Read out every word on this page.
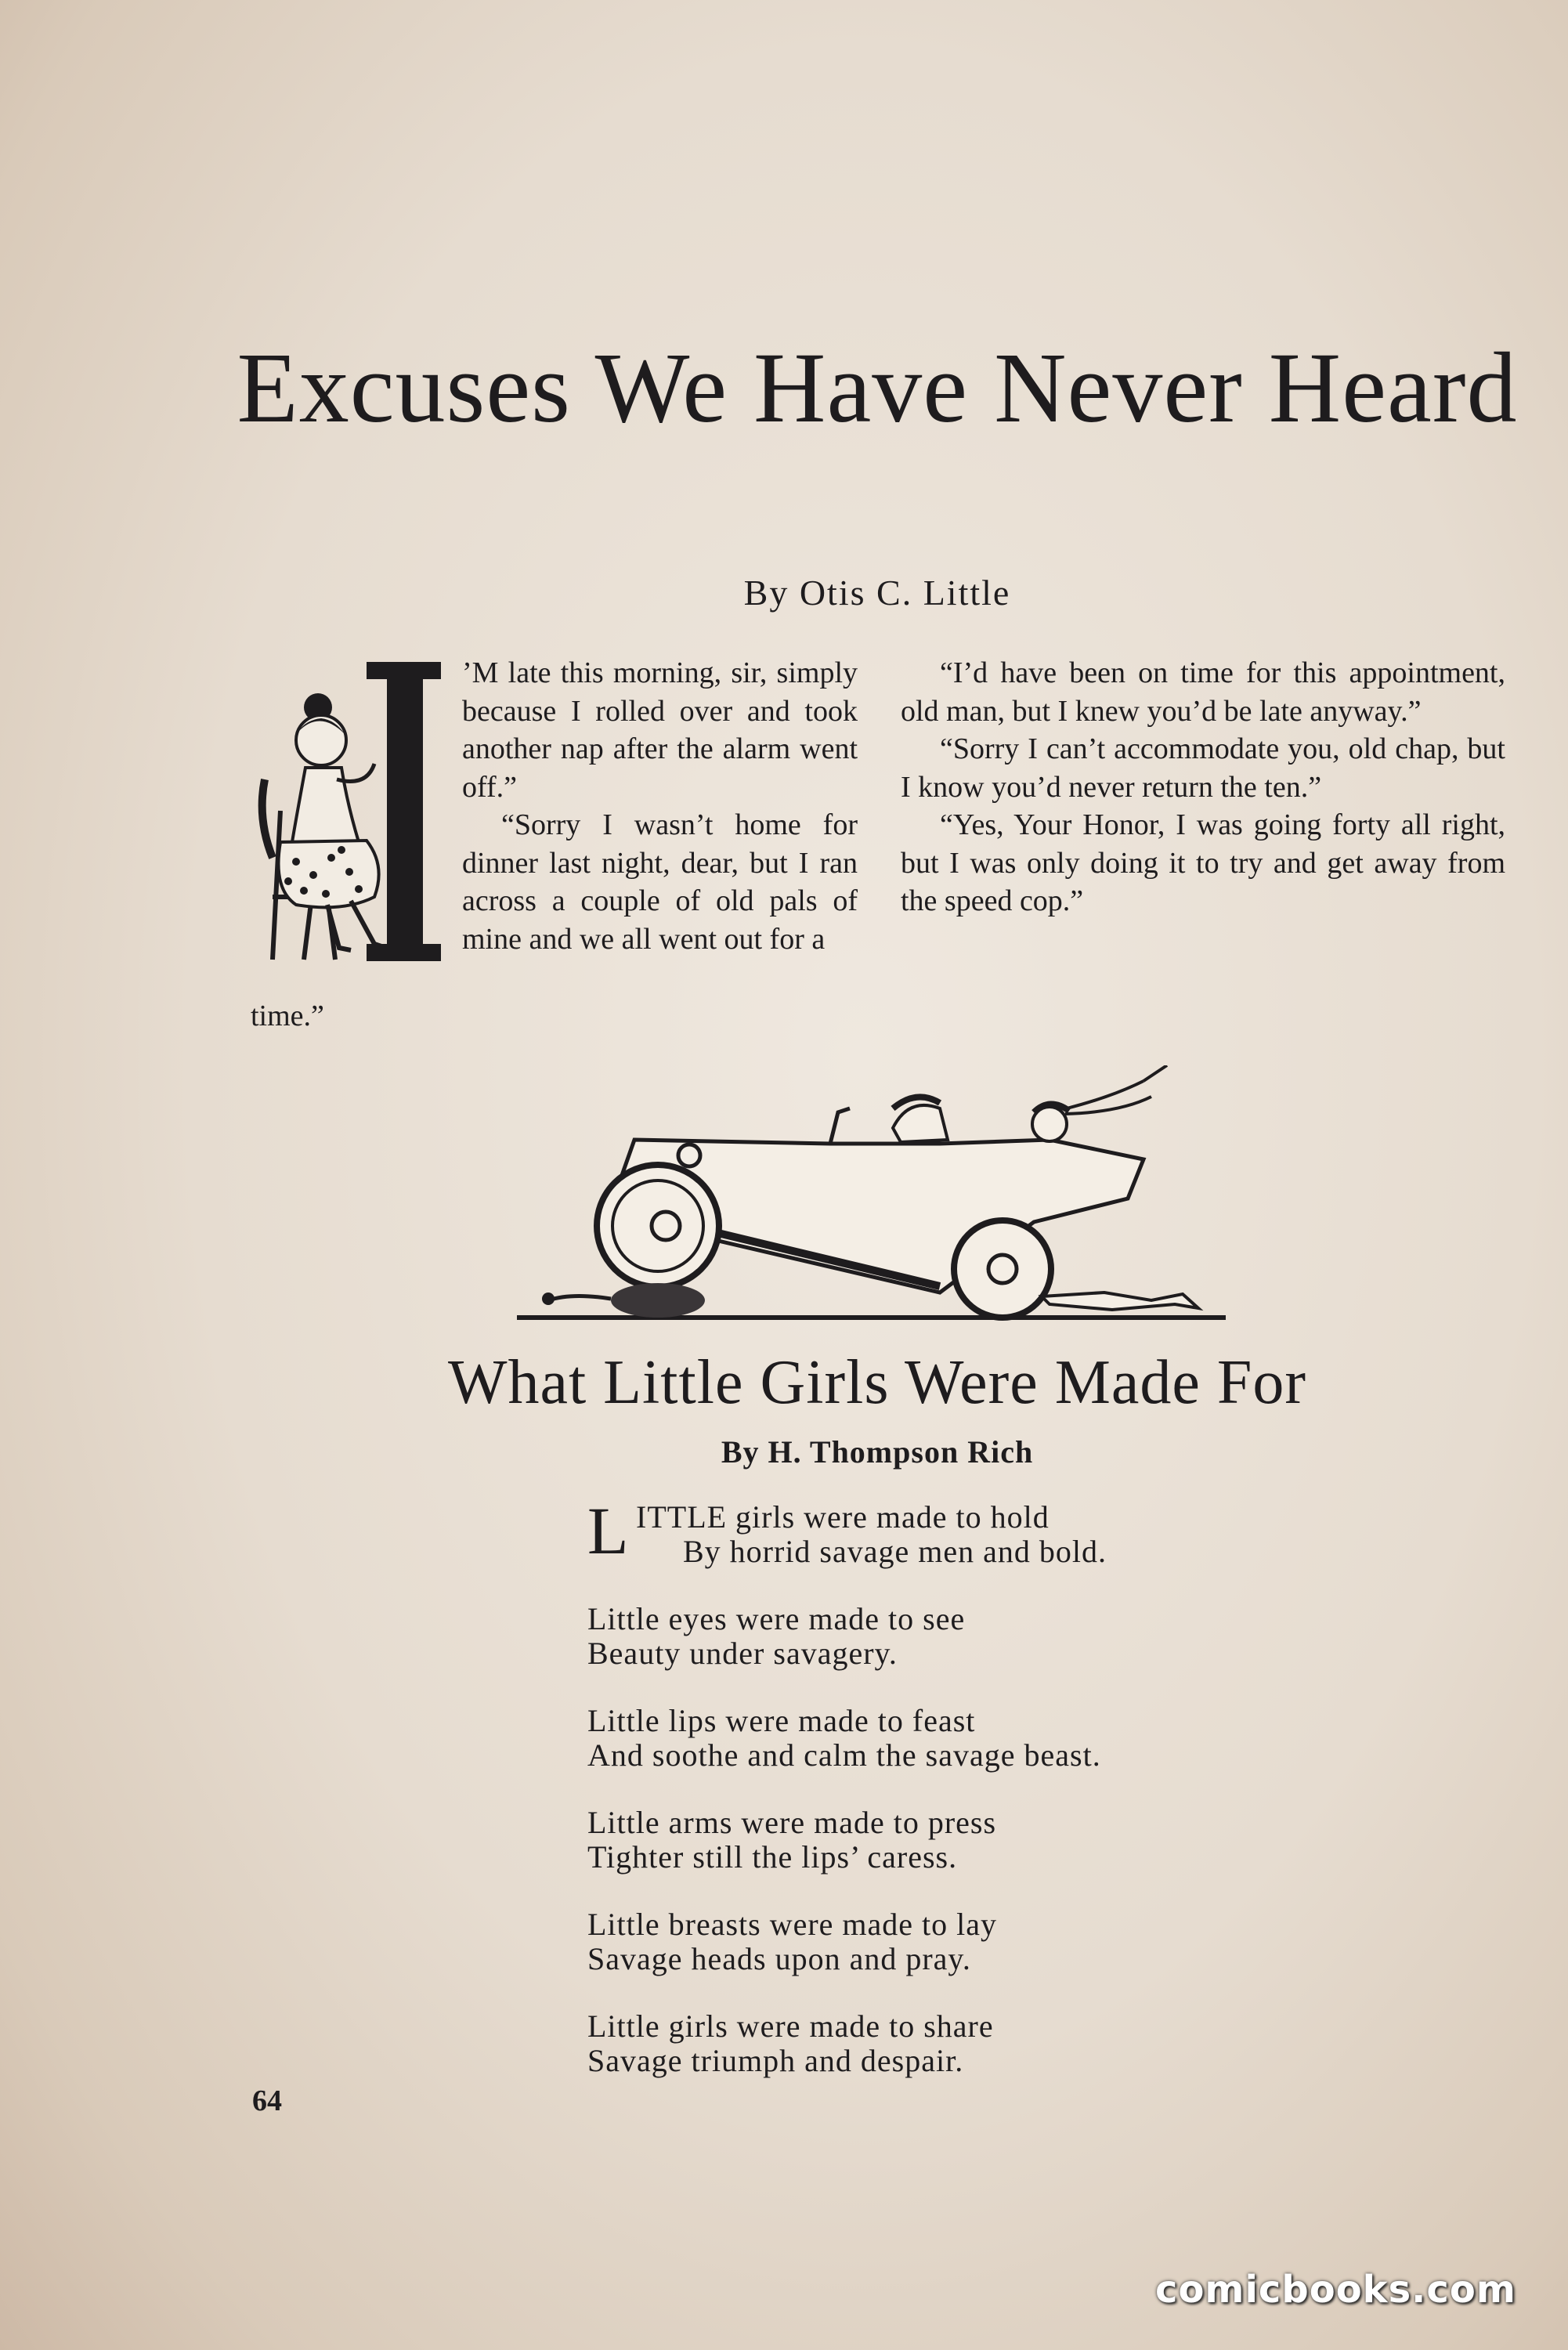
Excuses We Have Never Heard
By Otis C. Little

’M late this morning, sir, simply because I rolled over and took another nap after the alarm went off.”

“Sorry I wasn’t home for dinner last night, dear, but I ran across a couple of old pals of mine and we all went out for a

time.”

“I’d have been on time for this appointment, old man, but I knew you’d be late anyway.”

“Sorry I can’t accommodate you, old chap, but I know you’d never return the ten.”

“Yes, Your Honor, I was going forty all right, but I was only doing it to try and get away from the speed cop.”

What Little Girls Were Made For
By H. Thompson Rich
L ITTLE girls were made to hold
By horrid savage men and bold.
Little eyes were made to see
Beauty under savagery.
Little lips were made to feast
And soothe and calm the savage beast.
Little arms were made to press
Tighter still the lips’ caress.
Little breasts were made to lay
Savage heads upon and pray.
Little girls were made to share
Savage triumph and despair.
64
comicbooks.com
